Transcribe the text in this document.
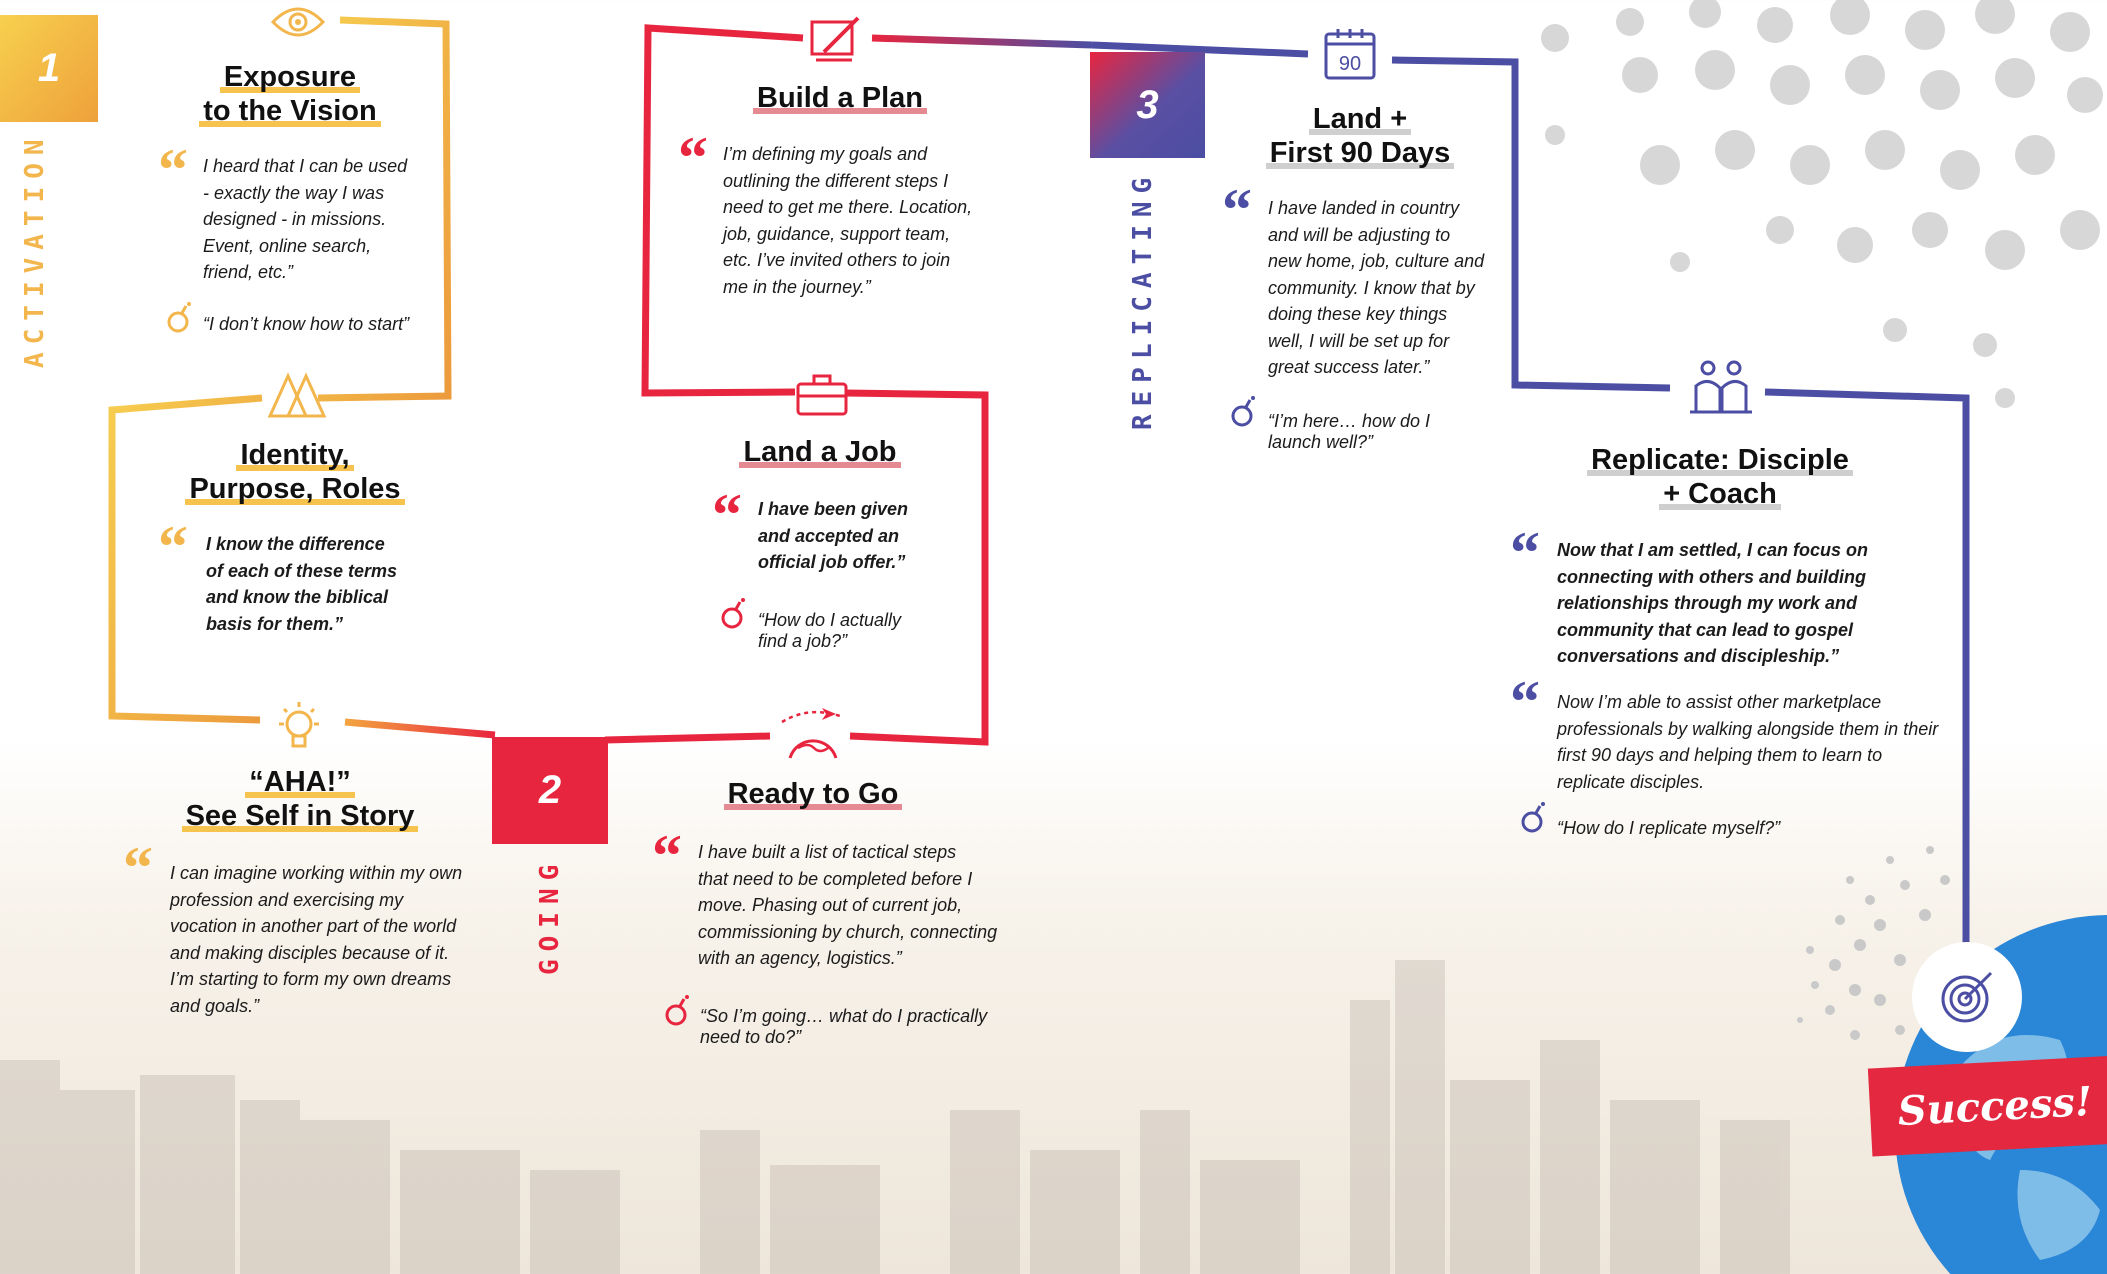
1
2
3
ACTIVATION
GOING
REPLICATING
90
Exposure
to the Vision
“ I heard that I can be used
- exactly the way I was
designed - in missions.
Event, online search,
friend, etc.”
“I don’t know how to start”
Identity,
Purpose, Roles
“ I know the difference
of each of these terms
and know the biblical
basis for them.”
“AHA!”
See Self in Story
“ I can imagine working within my own
profession and exercising my
vocation in another part of the world
and making disciples because of it.
I’m starting to form my own dreams
and goals.”
Build a Plan
“ I’m defining my goals and
outlining the different steps I
need to get me there. Location,
job, guidance, support team,
etc. I’ve invited others to join
me in the journey.”
Land a Job
“ I have been given
and accepted an
official job offer.”
“How do I actually
find a job?”
Ready to Go
“ I have built a list of tactical steps
that need to be completed before I
move. Phasing out of current job,
commissioning by church, connecting
with an agency, logistics.”
“So I’m going… what do I practically
need to do?”
Land +
First 90 Days
“ I have landed in country
and will be adjusting to
new home, job, culture and
community. I know that by
doing these key things
well, I will be set up for
great success later.”
“I’m here… how do I
launch well?”
Replicate: Disciple
+ Coach
“ Now that I am settled, I can focus on
connecting with others and building
relationships through my work and
community that can lead to gospel
conversations and discipleship.”
“ Now I’m able to assist other marketplace
professionals by walking alongside them in their
first 90 days and helping them to learn to
replicate disciples.
“How do I replicate myself?”
Success!
